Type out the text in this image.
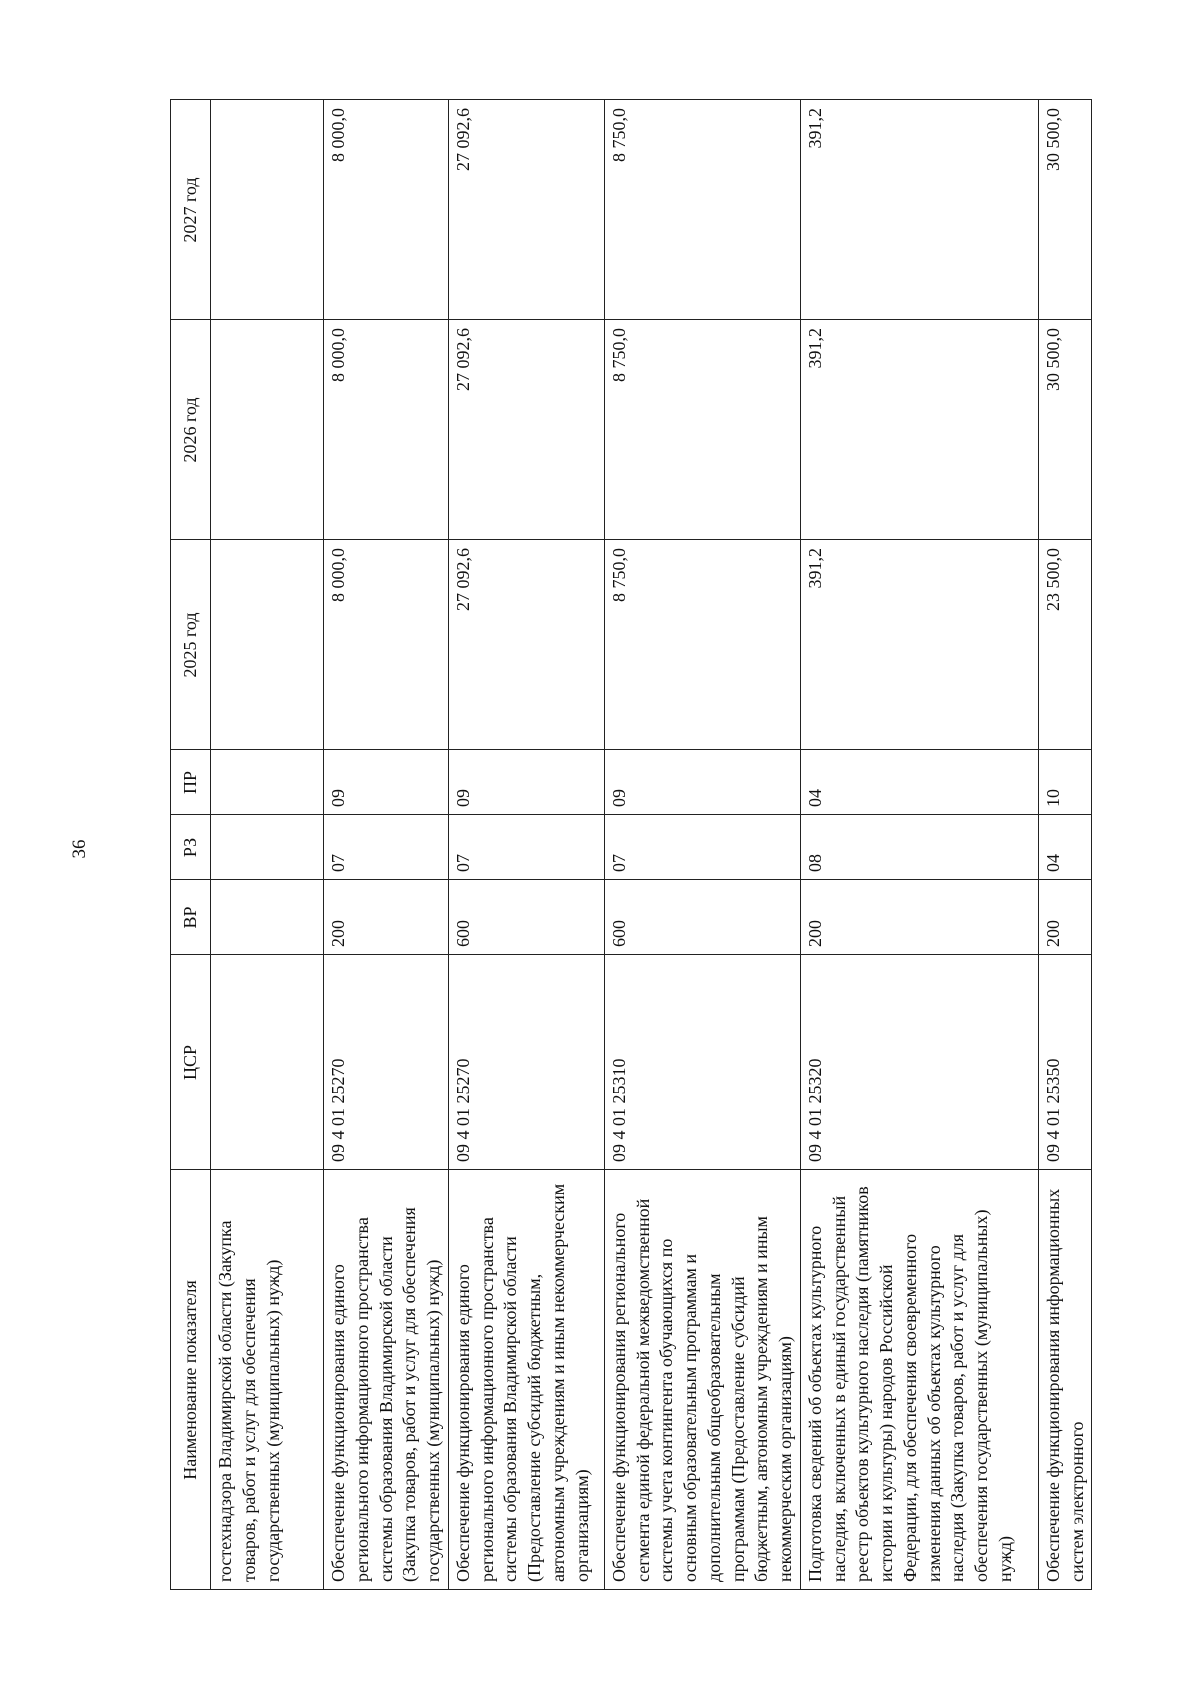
36
Наименование показателя	ЦСР	ВР	РЗ	ПР	2025 год	2026 год	2027 год
гостехнадзора Владимирской области (Закупка товаров, работ и услуг для обеспечения государственных (муниципальных) нужд)							
Обеспечение функционирования единого регионального информационного пространства системы образования Владимирской области (Закупка товаров, работ и услуг для обеспечения государственных (муниципальных) нужд)	09 4 01 25270	200	07	09	8 000,0	8 000,0	8 000,0
Обеспечение функционирования единого регионального информационного пространства системы образования Владимирской области (Предоставление субсидий бюджетным, автономным учреждениям и иным некоммерческим организациям)	09 4 01 25270	600	07	09	27 092,6	27 092,6	27 092,6
Обеспечение функционирования регионального сегмента единой федеральной межведомственной системы учета контингента обучающихся по основным образовательным программам и дополнительным общеобразовательным программам (Предоставление субсидий бюджетным, автономным учреждениям и иным некоммерческим организациям)	09 4 01 25310	600	07	09	8 750,0	8 750,0	8 750,0
Подготовка сведений об объектах культурного наследия, включенных в единый государственный реестр объектов культурного наследия (памятников истории и культуры) народов Российской Федерации, для обеспечения своевременного изменения данных об объектах культурного наследия (Закупка товаров, работ и услуг для обеспечения государственных (муниципальных) нужд)	09 4 01 25320	200	08	04	391,2	391,2	391,2
Обеспечение функционирования информационных систем электронного	09 4 01 25350	200	04	10	23 500,0	30 500,0	30 500,0
